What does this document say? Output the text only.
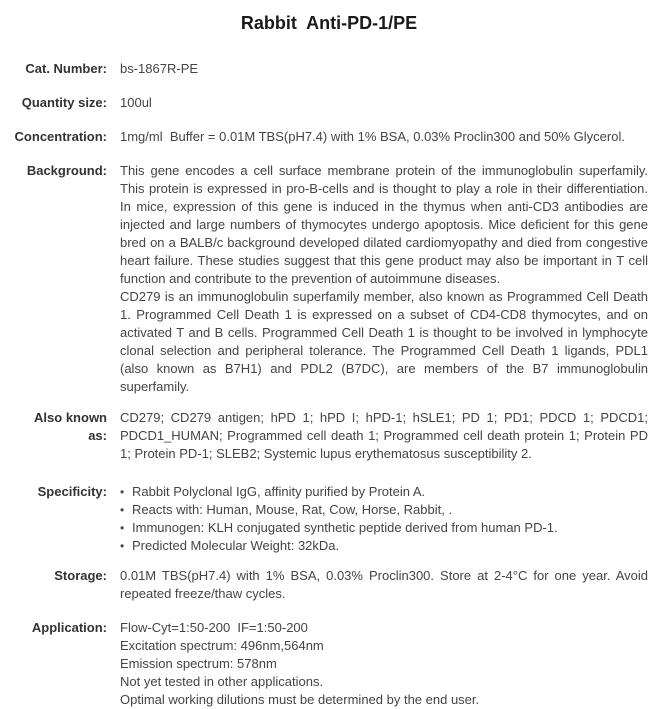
Rabbit  Anti-PD-1/PE
Cat. Number: bs-1867R-PE
Quantity size: 100ul
Concentration: 1mg/ml  Buffer = 0.01M TBS(pH7.4) with 1% BSA, 0.03% Proclin300 and 50% Glycerol.
Background: This gene encodes a cell surface membrane protein of the immunoglobulin superfamily. This protein is expressed in pro-B-cells and is thought to play a role in their differentiation. In mice, expression of this gene is induced in the thymus when anti-CD3 antibodies are injected and large numbers of thymocytes undergo apoptosis. Mice deficient for this gene bred on a BALB/c background developed dilated cardiomyopathy and died from congestive heart failure. These studies suggest that this gene product may also be important in T cell function and contribute to the prevention of autoimmune diseases.
CD279 is an immunoglobulin superfamily member, also known as Programmed Cell Death 1. Programmed Cell Death 1 is expressed on a subset of CD4-CD8 thymocytes, and on activated T and B cells. Programmed Cell Death 1 is thought to be involved in lymphocyte clonal selection and peripheral tolerance. The Programmed Cell Death 1 ligands, PDL1 (also known as B7H1) and PDL2 (B7DC), are members of the B7 immunoglobulin superfamily.
Also known as:
CD279; CD279 antigen; hPD 1; hPD I; hPD-1; hSLE1; PD 1; PD1; PDCD 1; PDCD1; PDCD1_HUMAN; Programmed cell death 1; Programmed cell death protein 1; Protein PD 1; Protein PD-1; SLEB2; Systemic lupus erythematosus susceptibility 2.
Specificity: •	Rabbit Polyclonal IgG, affinity purified by Protein A.
•
Reacts with: Human, Mouse, Rat, Cow, Horse, Rabbit, .
•
Immunogen: KLH conjugated synthetic peptide derived from human PD-1.
•
Predicted Molecular Weight: 32kDa.
Storage: 0.01M TBS(pH7.4) with 1% BSA, 0.03% Proclin300. Store at 2-4°C for one year. Avoid repeated freeze/thaw cycles.
Application: Flow-Cyt=1:50-200  IF=1:50-200
Excitation spectrum: 496nm,564nm
Emission spectrum: 578nm
Not yet tested in other applications.
Optimal working dilutions must be determined by the end user.
